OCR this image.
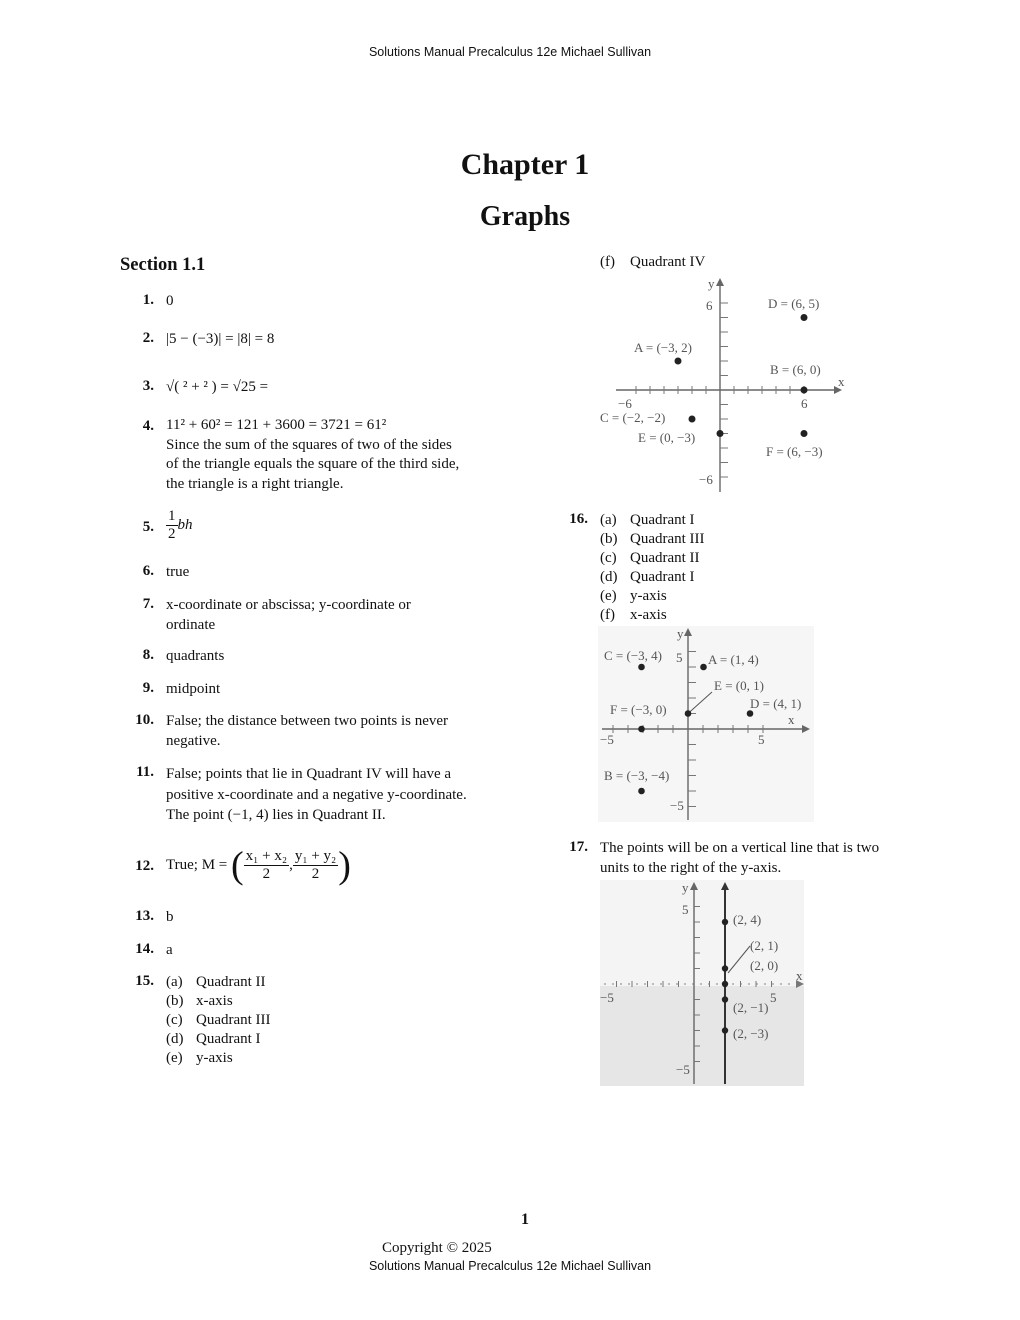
Solutions Manual Precalculus 12e Michael Sullivan
Chapter 1
Graphs
Section 1.1
1. 0
2. |5 − (−3)| = |8| = 8
3. √( ² + ² ) = √25 =
4. 11² + 60² = 121 + 3600 = 3721 = 61²
Since the sum of the squares of two of the sides
of the triangle equals the square of the third side,
the triangle is a right triangle.
5. $\frac{1}{2}$ bh
6. true
7. x-coordinate or abscissa; y-coordinate or
ordinate
8. quadrants
9. midpoint
10. False; the distance between two points is never
negative.
11. False; points that lie in Quadrant IV will have a
positive x-coordinate and a negative y-coordinate.
The point (−1, 4) lies in Quadrant II.
12. True; M = ( $\frac{\text{x₁ + x₂}}{2}$ , $\frac{\text{y₁ + y₂}}{2}$ )
13. b
14. a
15. (a) Quadrant II
(b) x-axis
(c) Quadrant III
(d) Quadrant I
(e) y-axis
(f) Quadrant IV
x
y
6
−6
−6	6
A = (−3, 2)
B = (6, 0)
C = (−2, −2)
D = (6, 5)
E = (0, −3)
F = (6, −3)
16. (a) Quadrant I
(b) Quadrant III
(c) Quadrant II
(d) Quadrant I
(e) y-axis
(f) x-axis
x
y
5
−5
−5	5
A = (1, 4)
B = (−3, −4)
C = (−3, 4)
D = (4, 1)
E = (0, 1)
F = (−3, 0)
17. The points will be on a vertical line that is two
units to the right of the y-axis.
x
y
5
−5
−5	5
(2, 4)
(2, 1)
(2, 0)
(2, −1)
(2, −3)
1
Copyright © 2025
Solutions Manual Precalculus 12e Michael Sullivan
